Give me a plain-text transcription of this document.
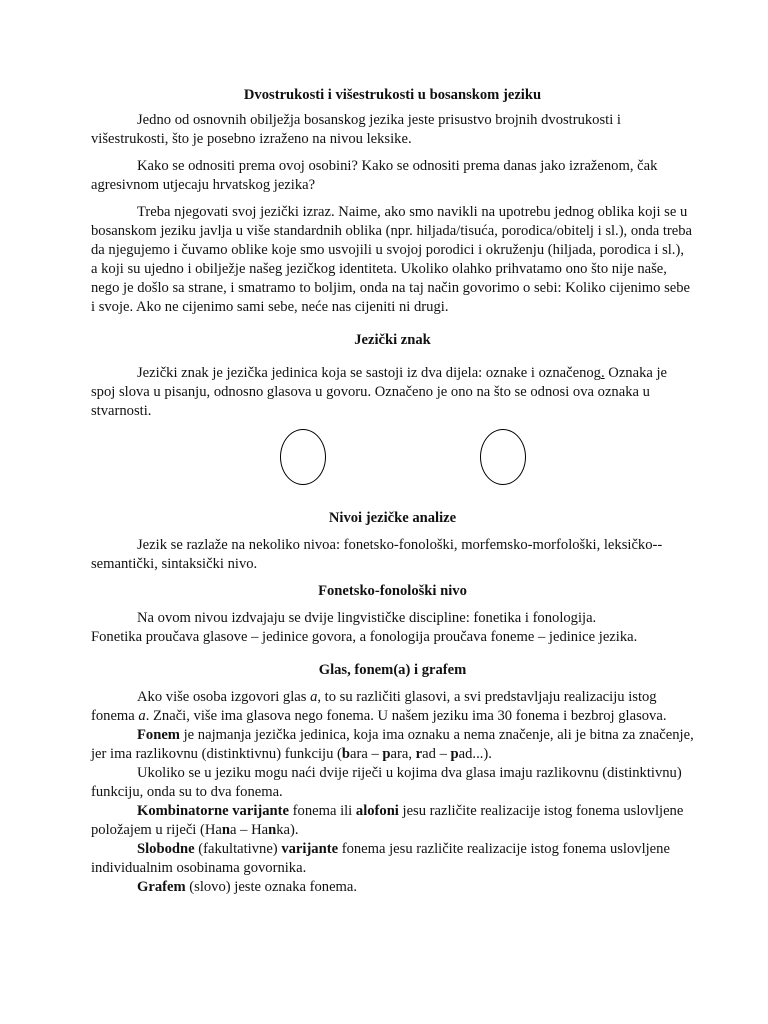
Dvostrukosti i višestrukosti u bosanskom jeziku

Jedno od osnovnih obilježja bosanskog jezika jeste prisustvo brojnih dvostrukosti i višestrukosti, što je posebno izraženo na nivou leksike.

Kako se odnositi prema ovoj osobini? Kako se odnositi prema danas jako izraženom, čak agresivnom utjecaju hrvatskog jezika?

Treba njegovati svoj jezički izraz. Naime, ako smo navikli na upotrebu jednog oblika koji se u bosanskom jeziku javlja u više standardnih oblika (npr. hiljada/tisuća, porodica/obitelj i sl.), onda treba da njegujemo i čuvamo oblike koje smo usvojili u svojoj porodici i okruženju (hiljada, porodica i sl.), a koji su ujedno i obilježje našeg jezičkog identiteta. Ukoliko olahko prihvatamo ono što nije naše, nego je došlo sa strane, i smatramo to boljim, onda na taj način govorimo o sebi: Koliko cijenimo sebe i svoje. Ako ne cijenimo sami sebe, neće nas cijeniti ni drugi.

Jezički znak

Jezički znak je jezička jedinica koja se sastoji iz dva dijela: oznake i označenog. Oznaka je spoj slova u pisanju, odnosno glasova u govoru. Označeno je ono na što se odnosi ova oznaka u stvarnosti.

Nivoi jezičke analize

Jezik se razlaže na nekoliko nivoa: fonetsko-fonološki, morfemsko-morfološki, leksičko--semantički, sintaksički nivo.

Fonetsko-fonološki nivo

Na ovom nivou izdvajaju se dvije lingvističke discipline: fonetika i fonologija.

Fonetika proučava glasove – jedinice govora, a fonologija proučava foneme – jedinice jezika.

Glas, fonem(a) i grafem

Ako više osoba izgovori glas a, to su različiti glasovi, a svi predstavljaju realizaciju istog fonema a. Znači, više ima glasova nego fonema. U našem jeziku ima 30 fonema i bezbroj glasova.

Fonem je najmanja jezička jedinica, koja ima oznaku a nema značenje, ali je bitna za značenje, jer ima razlikovnu (distinktivnu) funkciju (bara – para, rad – pad...).

Ukoliko se u jeziku mogu naći dvije riječi u kojima dva glasa imaju razlikovnu (distinktivnu) funkciju, onda su to dva fonema.

Kombinatorne varijante fonema ili alofoni jesu različite realizacije istog fonema uslovljene položajem u riječi (Hana – Hanka).

Slobodne (fakultativne) varijante fonema jesu različite realizacije istog fonema uslovljene individualnim osobinama govornika.

Grafem (slovo) jeste oznaka fonema.
